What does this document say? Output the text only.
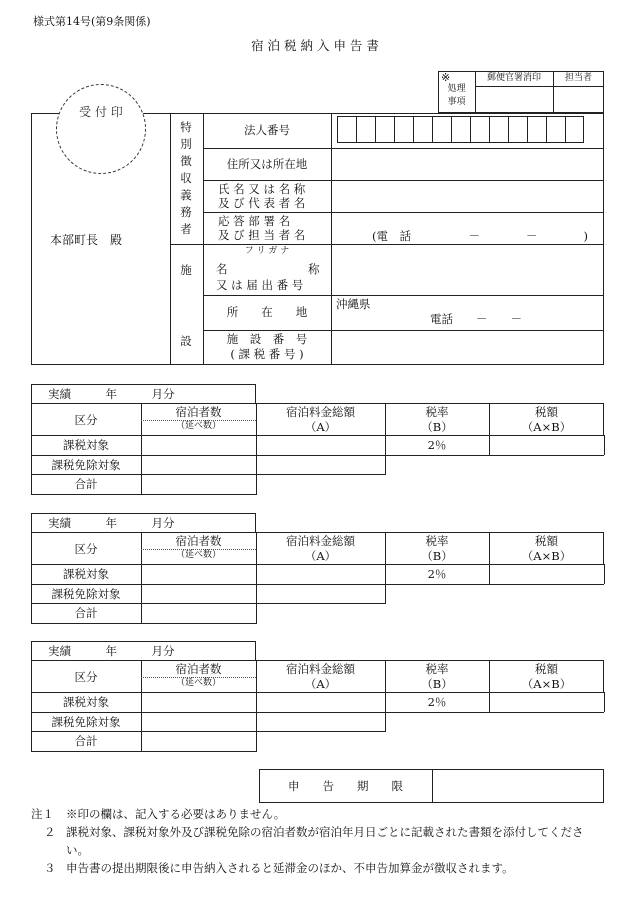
様式第14号(第9条関係)
宿 泊 税 納 入 申 告 書
※
処理
事項
郵便官署消印	担当者
受 付 印
本部町長　殿
特
別
徴
収
義
務
者
施
設
法人番号
住所又は所在地
氏 名 又 は 名 称
及 び 代 表 者 名
応 答 部 署 名
及 び 担 当 者 名	(電　話　　　　　－　　　　－　　　　)
フ リ ガ ナ
名　　　　　　　称
又 は 届 出 番 号
所　　在　　地
沖縄県
電話　　－　　－
施　設　番　号
( 課 税 番 号 )
実績　　　年　　　月分
区分
宿泊者数
（延べ数）
宿泊料金総額
（A）
税率
（B）
税額
（A×B）
課税対象
課税免除対象
合計
2％
実績　　　年　　　月分
区分
宿泊者数
（延べ数）
宿泊料金総額
（A）
税率
（B）
税額
（A×B）
課税対象
課税免除対象
合計
2％
実績　　　年　　　月分
区分
宿泊者数
（延べ数）
宿泊料金総額
（A）
税率
（B）
税額
（A×B）
課税対象
課税免除対象
合計
2％
申　　告　　期　　限
注１ ※印の欄は、記入する必要はありません。
２ 課税対象、課税対象外及び課税免除の宿泊者数が宿泊年月日ごとに記載された書類を添付してくださ
い。
３ 申告書の提出期限後に申告納入されると延滞金のほか、不申告加算金が徴収されます。
